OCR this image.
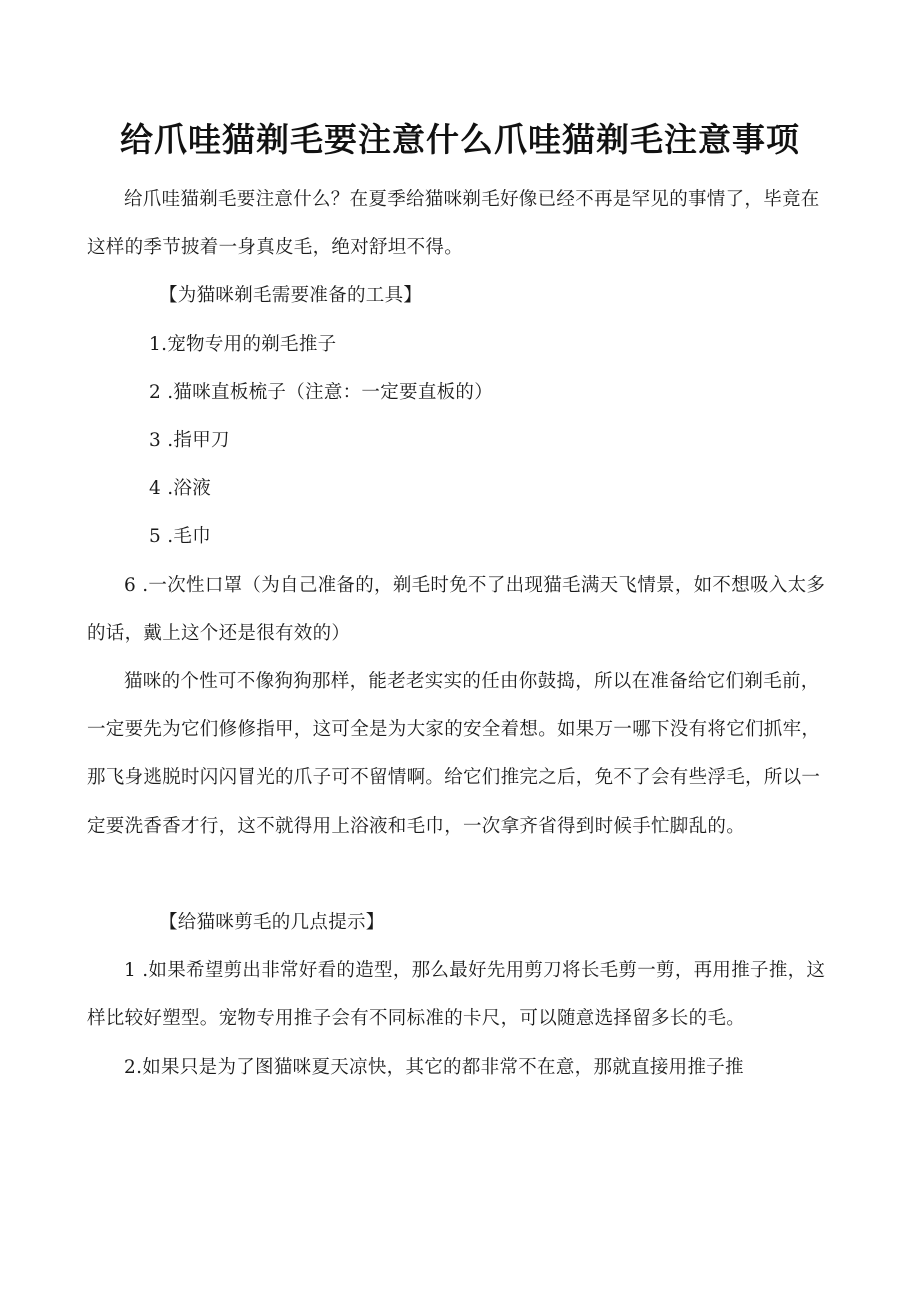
给爪哇猫剃毛要注意什么爪哇猫剃毛注意事项

给爪哇猫剃毛要注意什么？在夏季给猫咪剃毛好像已经不再是罕见的事情了，毕竟在这样的季节披着一身真皮毛，绝对舒坦不得。

【为猫咪剃毛需要准备的工具】

1.宠物专用的剃毛推子

2 .猫咪直板梳子（注意：一定要直板的）

3 .指甲刀

4 .浴液

5 .毛巾

6 .一次性口罩（为自己准备的，剃毛时免不了出现猫毛满天飞情景，如不想吸入太多的话，戴上这个还是很有效的）

猫咪的个性可不像狗狗那样，能老老实实的任由你鼓捣，所以在准备给它们剃毛前，一定要先为它们修修指甲，这可全是为大家的安全着想。如果万一哪下没有将它们抓牢，那飞身逃脱时闪闪冒光的爪子可不留情啊。给它们推完之后，免不了会有些浮毛，所以一定要洗香香才行，这不就得用上浴液和毛巾，一次拿齐省得到时候手忙脚乱的。

【给猫咪剪毛的几点提示】

1 .如果希望剪出非常好看的造型，那么最好先用剪刀将长毛剪一剪，再用推子推，这样比较好塑型。宠物专用推子会有不同标准的卡尺，可以随意选择留多长的毛。

2.如果只是为了图猫咪夏天凉快，其它的都非常不在意，那就直接用推子推
